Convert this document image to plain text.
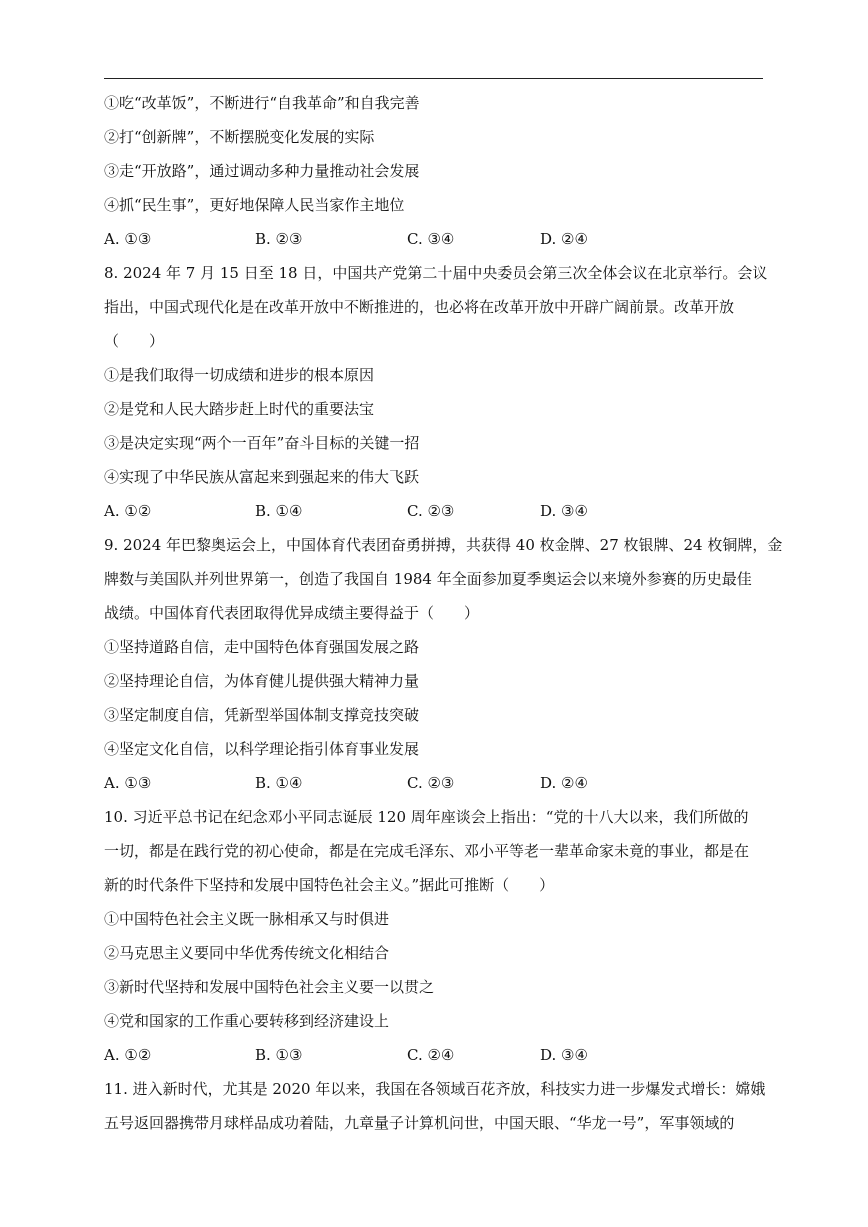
①吃“改革饭”，不断进行“自我革命”和自我完善
②打“创新牌”，不断摆脱变化发展的实际
③走“开放路”，通过调动多种力量推动社会发展
④抓“民生事”，更好地保障人民当家作主地位
A. ①③	B. ②③	C. ③④	D. ②④
8. 2024 年 7 月 15 日至 18 日，中国共产党第二十届中央委员会第三次全体会议在北京举行。会议
指出，中国式现代化是在改革开放中不断推进的，也必将在改革开放中开辟广阔前景。改革开放
（　　）
①是我们取得一切成绩和进步的根本原因
②是党和人民大踏步赶上时代的重要法宝
③是决定实现“两个一百年”奋斗目标的关键一招
④实现了中华民族从富起来到强起来的伟大飞跃
A. ①②	B. ①④	C. ②③	D. ③④
9. 2024 年巴黎奥运会上，中国体育代表团奋勇拼搏，共获得 40 枚金牌、27 枚银牌、24 枚铜牌，金
牌数与美国队并列世界第一，创造了我国自 1984 年全面参加夏季奥运会以来境外参赛的历史最佳
战绩。中国体育代表团取得优异成绩主要得益于（　　）
①坚持道路自信，走中国特色体育强国发展之路
②坚持理论自信，为体育健儿提供强大精神力量
③坚定制度自信，凭新型举国体制支撑竞技突破
④坚定文化自信，以科学理论指引体育事业发展
A. ①③	B. ①④	C. ②③	D. ②④
10. 习近平总书记在纪念邓小平同志诞辰 120 周年座谈会上指出：“党的十八大以来，我们所做的
一切，都是在践行党的初心使命，都是在完成毛泽东、邓小平等老一辈革命家未竟的事业，都是在
新的时代条件下坚持和发展中国特色社会主义。”据此可推断（　　）
①中国特色社会主义既一脉相承又与时俱进
②马克思主义要同中华优秀传统文化相结合
③新时代坚持和发展中国特色社会主义要一以贯之
④党和国家的工作重心要转移到经济建设上
A. ①②	B. ①③	C. ②④	D. ③④
11. 进入新时代，尤其是 2020 年以来，我国在各领域百花齐放，科技实力进一步爆发式增长：嫦娥
五号返回器携带月球样品成功着陆，九章量子计算机问世，中国天眼、“华龙一号”，军事领域的
